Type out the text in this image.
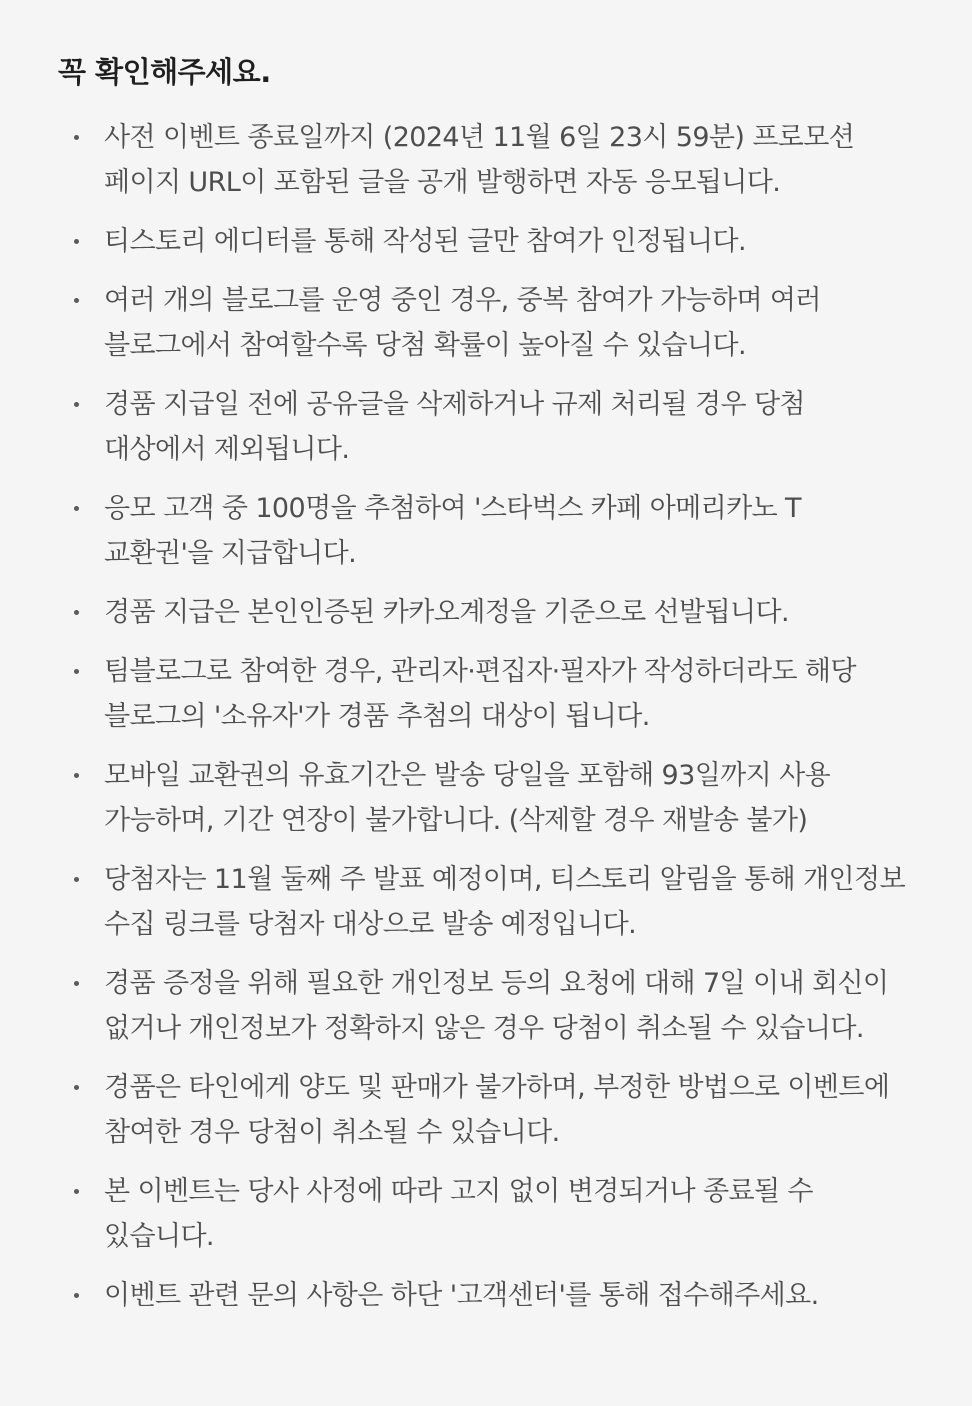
꼭 확인해주세요.
사전 이벤트 종료일까지 (2024년 11월 6일 23시 59분) 프로모션 페이지 URL이 포함된 글을 공개 발행하면 자동 응모됩니다.
티스토리 에디터를 통해 작성된 글만 참여가 인정됩니다.
여러 개의 블로그를 운영 중인 경우, 중복 참여가 가능하며 여러 블로그에서 참여할수록 당첨 확률이 높아질 수 있습니다.
경품 지급일 전에 공유글을 삭제하거나 규제 처리될 경우 당첨 대상에서 제외됩니다.
응모 고객 중 100명을 추첨하여 '스타벅스 카페 아메리카노 T 교환권'을 지급합니다.
경품 지급은 본인인증된 카카오계정을 기준으로 선발됩니다.
팀블로그로 참여한 경우, 관리자·편집자·필자가 작성하더라도 해당 블로그의 '소유자'가 경품 추첨의 대상이 됩니다.
모바일 교환권의 유효기간은 발송 당일을 포함해 93일까지 사용 가능하며, 기간 연장이 불가합니다. (삭제할 경우 재발송 불가)
당첨자는 11월 둘째 주 발표 예정이며, 티스토리 알림을 통해 개인정보 수집 링크를 당첨자 대상으로 발송 예정입니다.
경품 증정을 위해 필요한 개인정보 등의 요청에 대해 7일 이내 회신이 없거나 개인정보가 정확하지 않은 경우 당첨이 취소될 수 있습니다.
경품은 타인에게 양도 및 판매가 불가하며, 부정한 방법으로 이벤트에 참여한 경우 당첨이 취소될 수 있습니다.
본 이벤트는 당사 사정에 따라 고지 없이 변경되거나 종료될 수 있습니다.
이벤트 관련 문의 사항은 하단 '고객센터'를 통해 접수해주세요.
